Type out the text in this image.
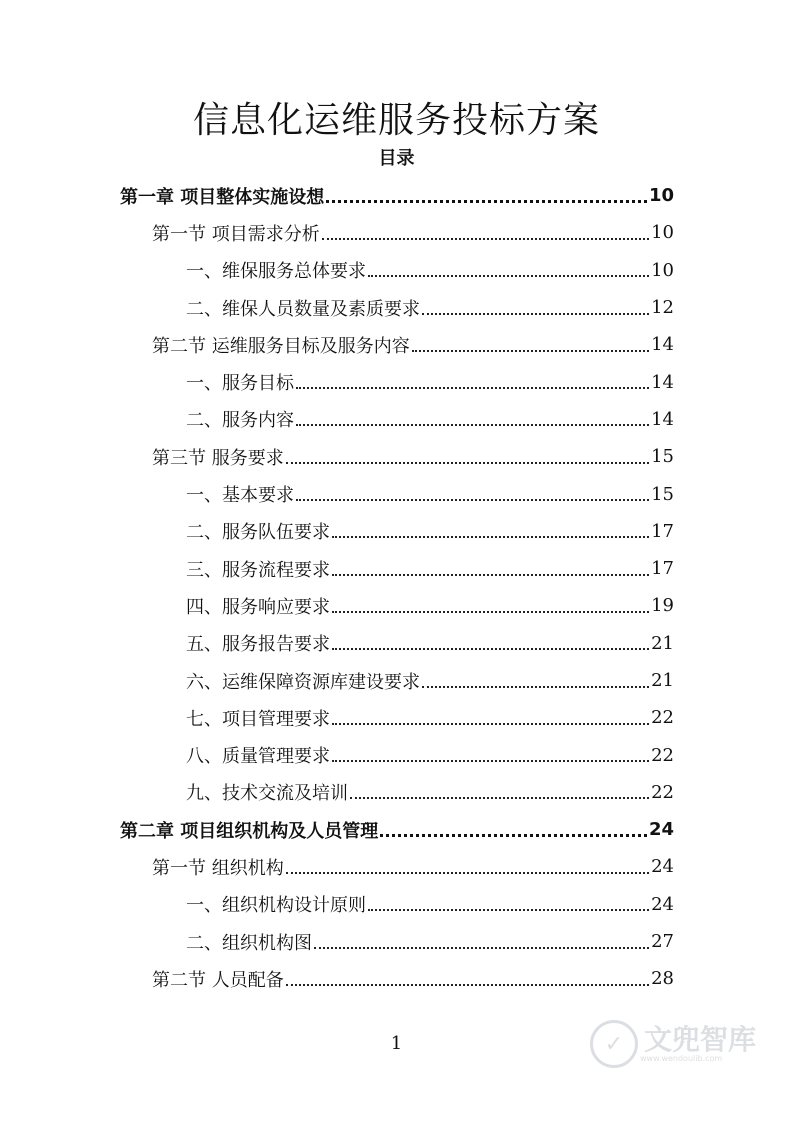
信息化运维服务投标方案
目录
第一章 项目整体实施设想	10
第一节 项目需求分析	10
一、维保服务总体要求	10
二、维保人员数量及素质要求	12
第二节 运维服务目标及服务内容	14
一、服务目标	14
二、服务内容	14
第三节 服务要求	15
一、基本要求	15
二、服务队伍要求	17
三、服务流程要求	17
四、服务响应要求	19
五、服务报告要求	21
六、运维保障资源库建设要求	21
七、项目管理要求	22
八、质量管理要求	22
九、技术交流及培训	22
第二章 项目组织机构及人员管理	24
第一节 组织机构	24
一、组织机构设计原则	24
二、组织机构图	27
第二节 人员配备	28
1	✓ 文兜智库
www.wendoulib.com
